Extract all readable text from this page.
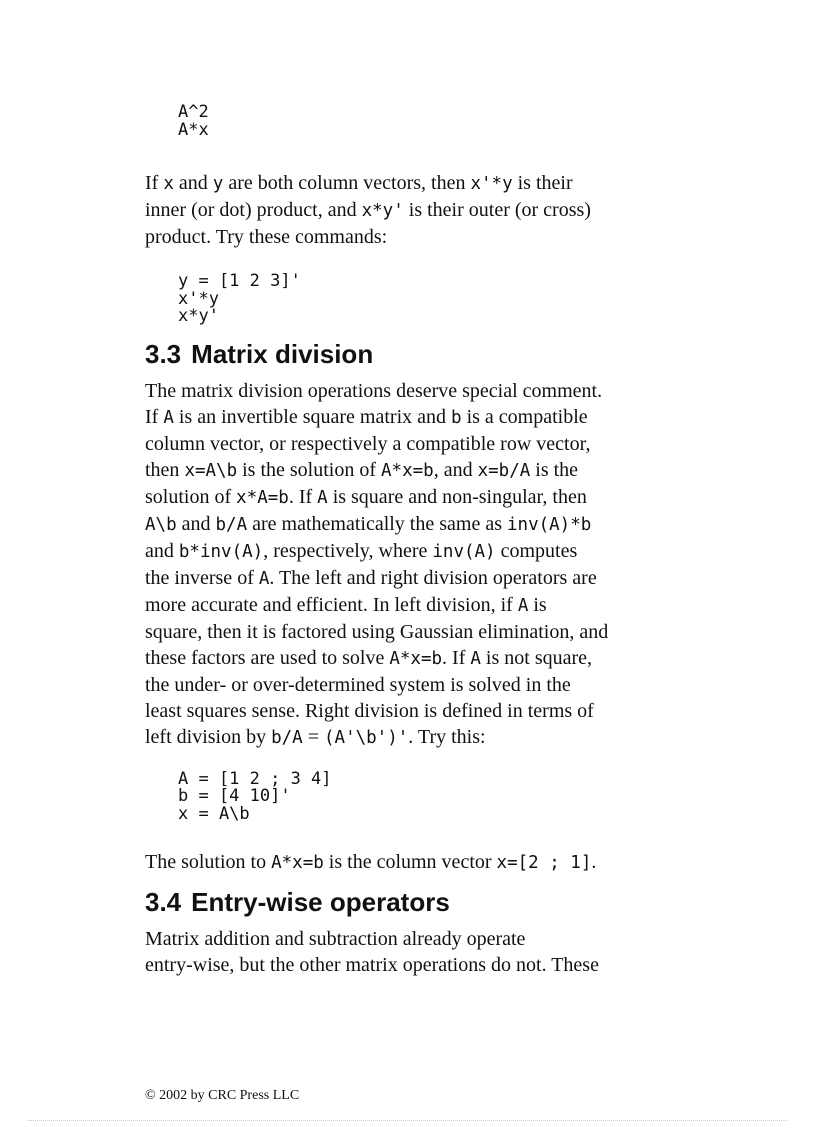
A^2
A*x

If x and y are both column vectors, then x'*y is their
inner (or dot) product, and x*y' is their outer (or cross)
product. Try these commands:

y = [1 2 3]'
x'*y
x*y'
3.3 Matrix division

The matrix division operations deserve special comment.
If A is an invertible square matrix and b is a compatible
column vector, or respectively a compatible row vector,
then x=A\b is the solution of A*x=b, and x=b/A is the
solution of x*A=b. If A is square and non-singular, then
A\b and b/A are mathematically the same as inv(A)*b
and b*inv(A), respectively, where inv(A) computes
the inverse of A. The left and right division operators are
more accurate and efficient. In left division, if A is
square, then it is factored using Gaussian elimination, and
these factors are used to solve A*x=b. If A is not square,
the under- or over-determined system is solved in the
least squares sense. Right division is defined in terms of
left division by b/A = (A'\b')'. Try this:

A = [1 2 ; 3 4]
b = [4 10]'
x = A\b

The solution to A*x=b is the column vector x=[2 ; 1].

3.4 Entry-wise operators

Matrix addition and subtraction already operate
entry-wise, but the other matrix operations do not. These

© 2002 by CRC Press LLC
